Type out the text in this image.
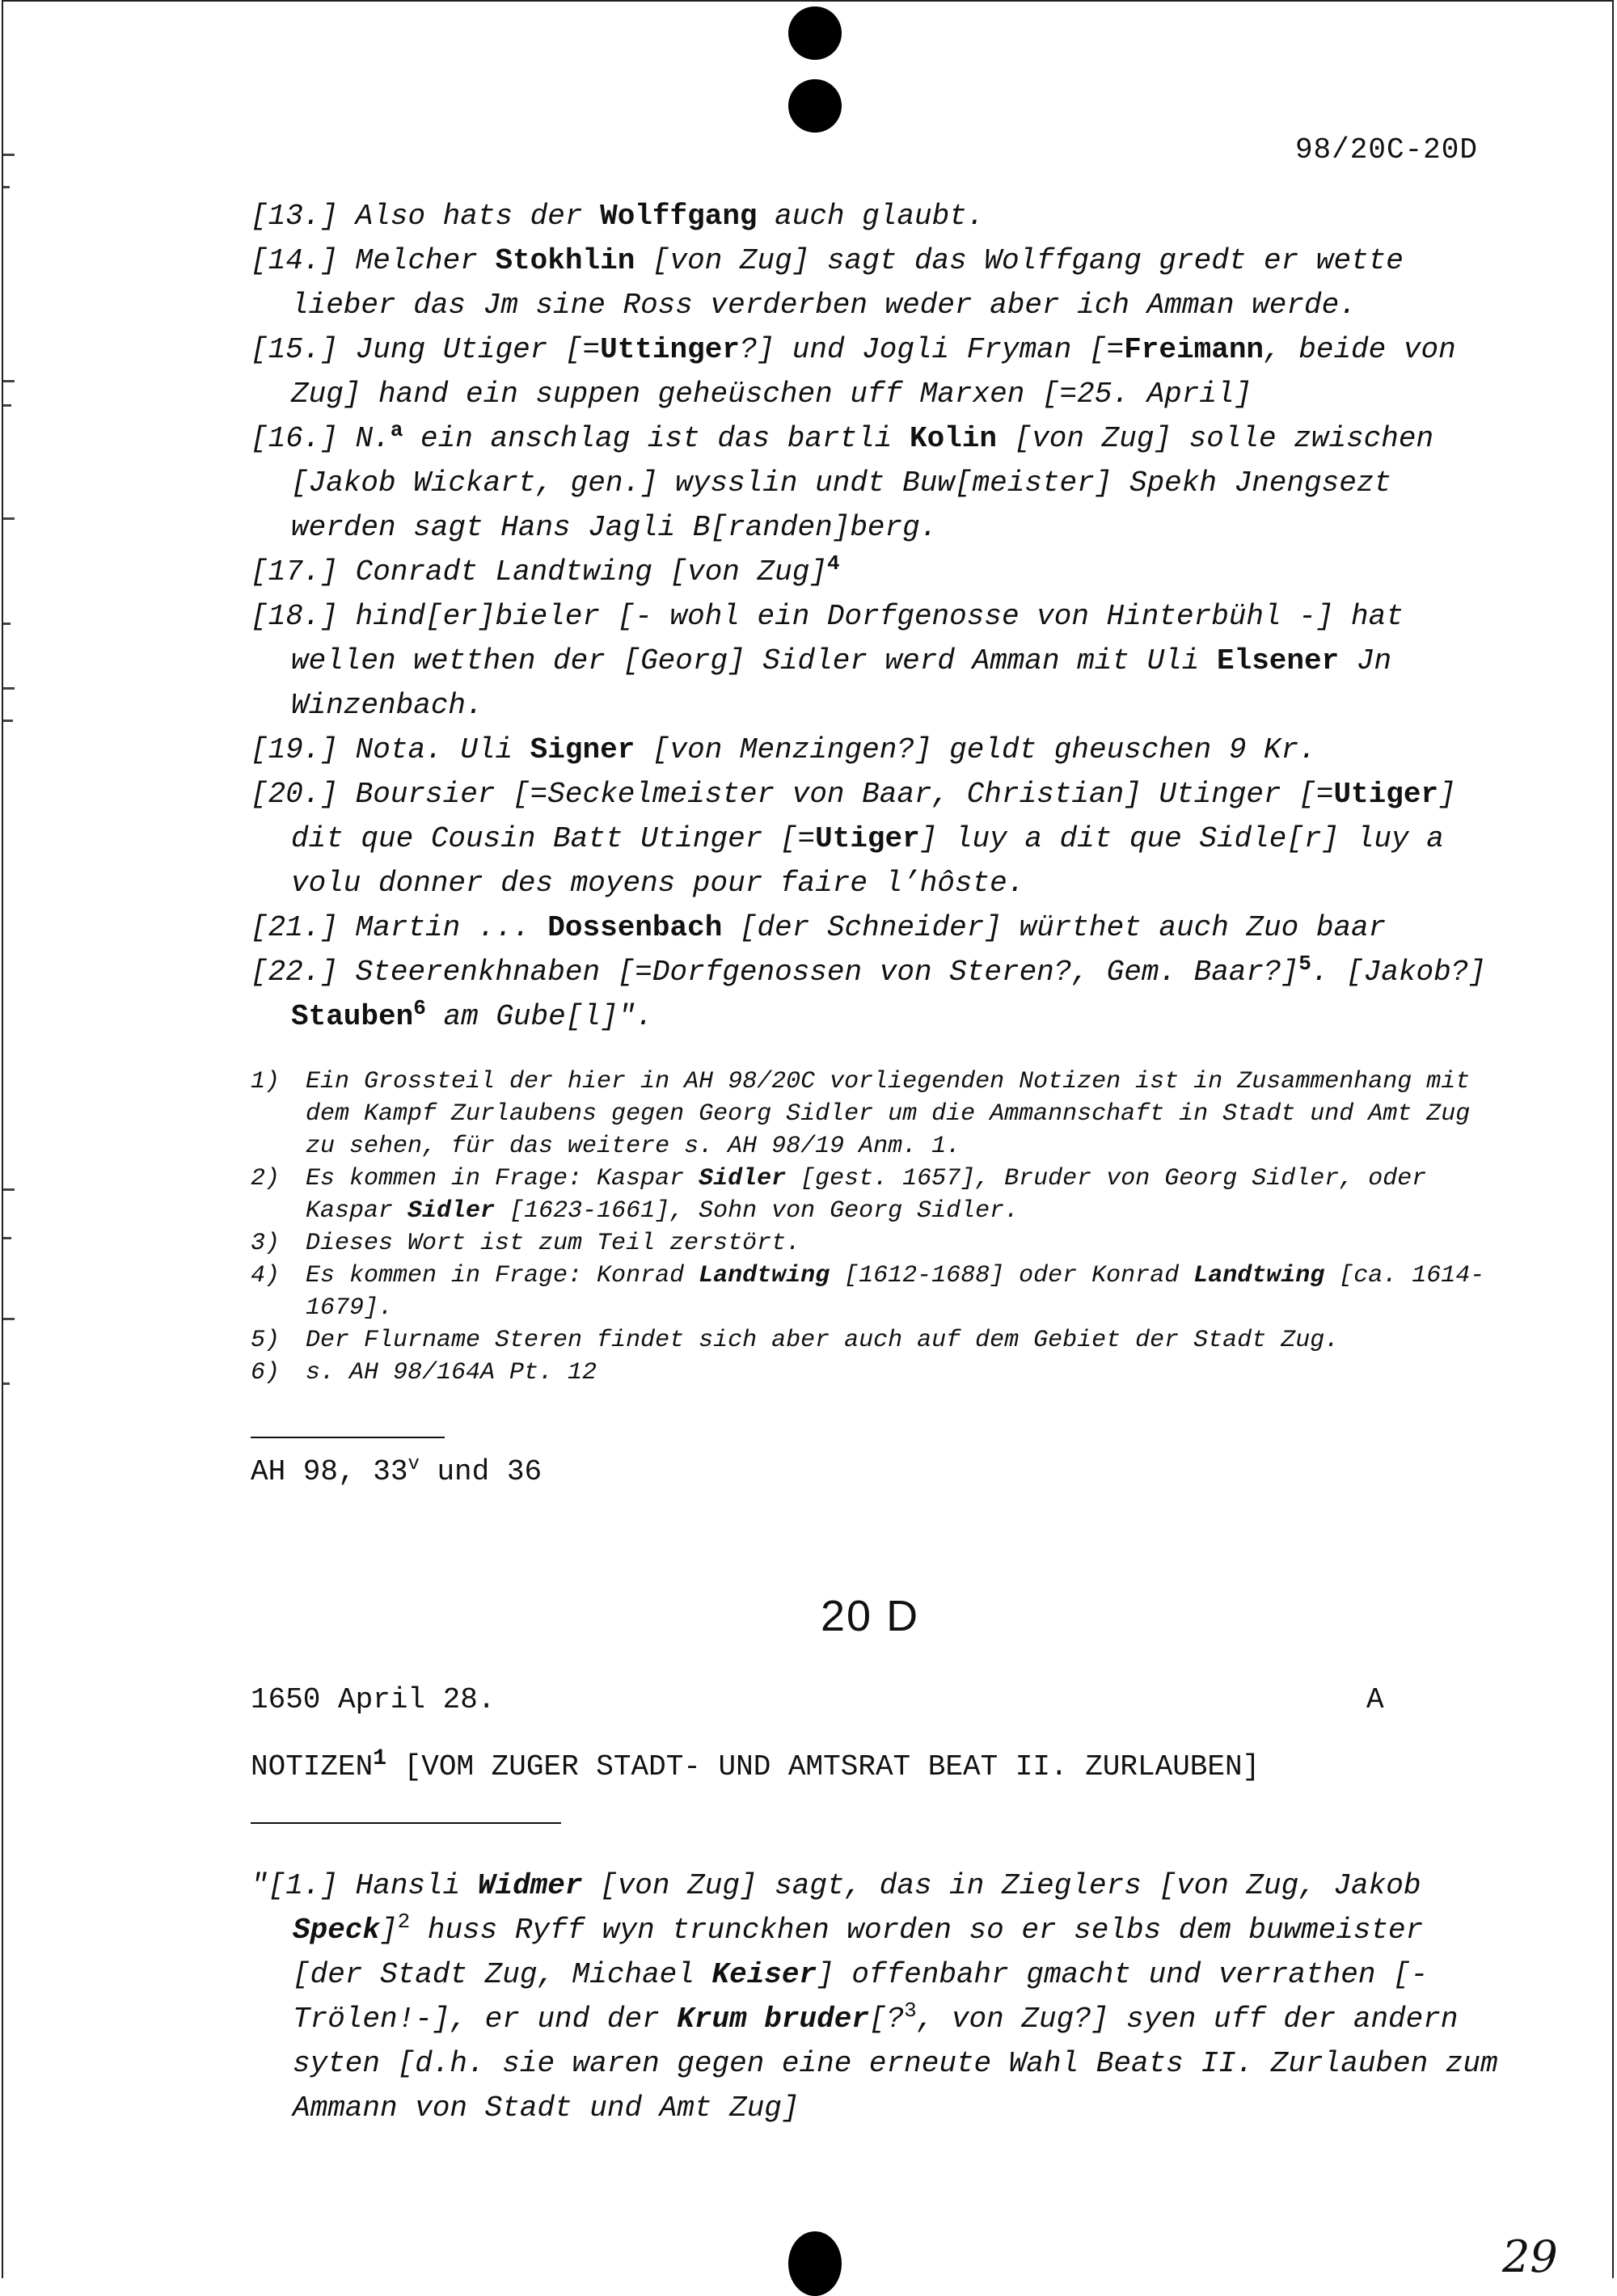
98/20C-20D
[13.] Also hats der Wolffgang auch glaubt.
[14.] Melcher Stokhlin [von Zug] sagt das Wolffgang gredt er wette lieber das Jm sine Ross verderben weder aber ich Amman werde.
[15.] Jung Utiger [=Uttinger?] und Jogli Fryman [=Freimann, beide von Zug] hand ein suppen geheüschen uff Marxen [=25. April]
[16.] N.$^a$ ein anschlag ist das bartli Kolin [von Zug] solle zwischen [Jakob Wickart, gen.] wysslin undt Buw[meister] Spekh Jnengsezt werden sagt Hans Jagli B[randen]berg.
[17.] Conradt Landtwing [von Zug]$^4$
[18.] hind[er]bieler [- wohl ein Dorfgenosse von Hinterbühl -] hat wellen wetthen der [Georg] Sidler werd Amman mit Uli Elsener Jn Winzenbach.
[19.] Nota. Uli Signer [von Menzingen?] geldt gheuschen 9 Kr.
[20.] Boursier [=Seckelmeister von Baar, Christian] Utinger [=Utiger] dit que Cousin Batt Utinger [=Utiger] luy a dit que Sidle[r] luy a volu donner des moyens pour faire l’hôste.
[21.] Martin ... Dossenbach [der Schneider] würthet auch Zuo baar
[22.] Steerenkhnaben [=Dorfgenossen von Steren?, Gem. Baar?]$^5$. [Jakob?] Stauben$^6$ am Gube[l]".
1)	Ein Grossteil der hier in AH 98/20C vorliegenden Notizen ist in Zusammenhang mit dem Kampf Zurlaubens gegen Georg Sidler um die Ammannschaft in Stadt und Amt Zug zu sehen, für das weitere s. AH 98/19 Anm. 1.
2)	Es kommen in Frage: Kaspar Sidler [gest. 1657], Bruder von Georg Sidler, oder Kaspar Sidler [1623-1661], Sohn von Georg Sidler.
3)	Dieses Wort ist zum Teil zerstört.
4)	Es kommen in Frage: Konrad Landtwing [1612-1688] oder Konrad Landtwing [ca. 1614-1679].
5)	Der Flurname Steren findet sich aber auch auf dem Gebiet der Stadt Zug.
6)	s. AH 98/164A Pt. 12
AH 98, 33$^v$ und 36
20 D
1650 April 28.	A
NOTIZEN$^1$ [VOM ZUGER STADT- UND AMTSRAT BEAT II. ZURLAUBEN]
"[1.] Hansli Widmer [von Zug] sagt, das in Zieglers [von Zug, Jakob Speck]$^2$ huss Ryff wyn trunckhen worden so er selbs dem buwmeister [der Stadt Zug, Michael Keiser] offenbahr gmacht und verrathen [-Trölen!-], er und der Krum bruder[?$^3$, von Zug?] syen uff der andern syten [d.h. sie waren gegen eine erneute Wahl Beats II. Zurlauben zum Ammann von Stadt und Amt Zug]
29
